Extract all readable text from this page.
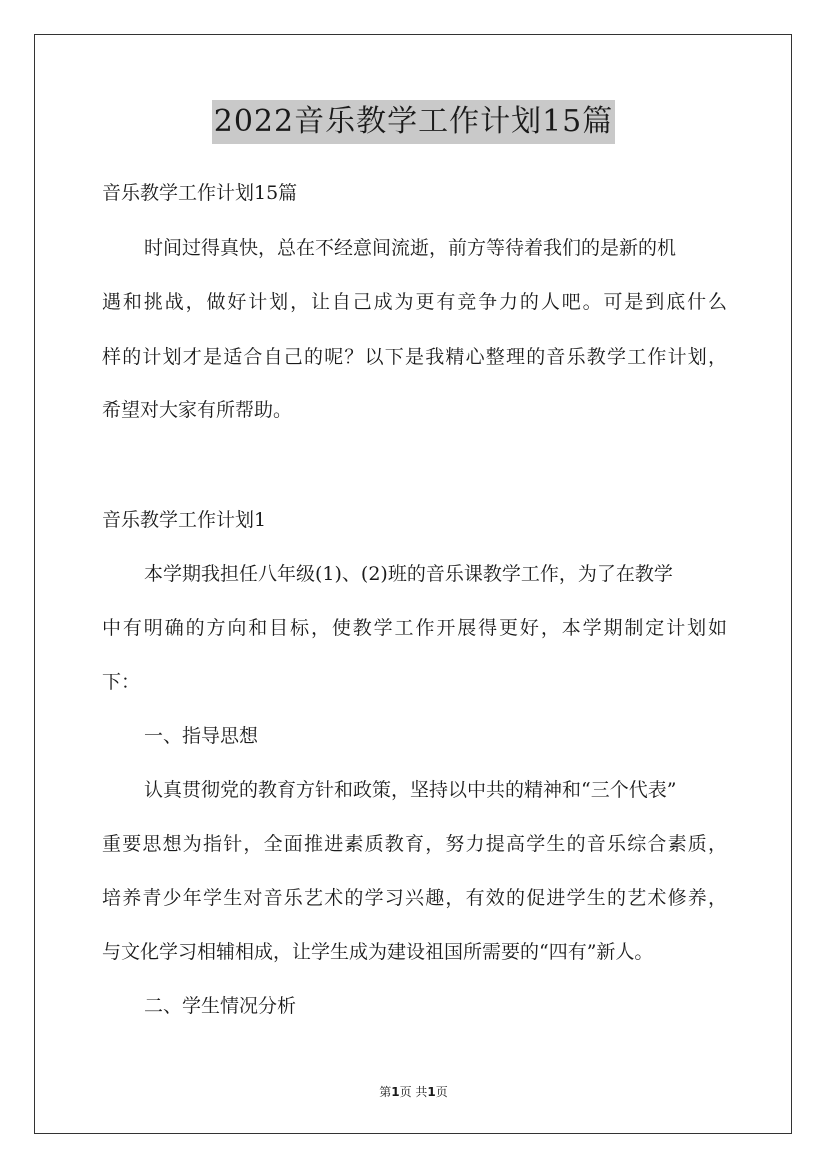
2022音乐教学工作计划15篇
音乐教学工作计划15篇
时间过得真快，总在不经意间流逝，前方等待着我们的是新的机
遇和挑战，做好计划，让自己成为更有竞争力的人吧。可是到底什么
样的计划才是适合自己的呢？以下是我精心整理的音乐教学工作计划，
希望对大家有所帮助。
音乐教学工作计划1
本学期我担任八年级(1)、(2)班的音乐课教学工作，为了在教学
中有明确的方向和目标，使教学工作开展得更好，本学期制定计划如
下：
一、指导思想
认真贯彻党的教育方针和政策，坚持以中共的精神和“三个代表”
重要思想为指针，全面推进素质教育，努力提高学生的音乐综合素质，
培养青少年学生对音乐艺术的学习兴趣，有效的促进学生的艺术修养，
与文化学习相辅相成，让学生成为建设祖国所需要的“四有”新人。
二、学生情况分析
第1页 共1页
